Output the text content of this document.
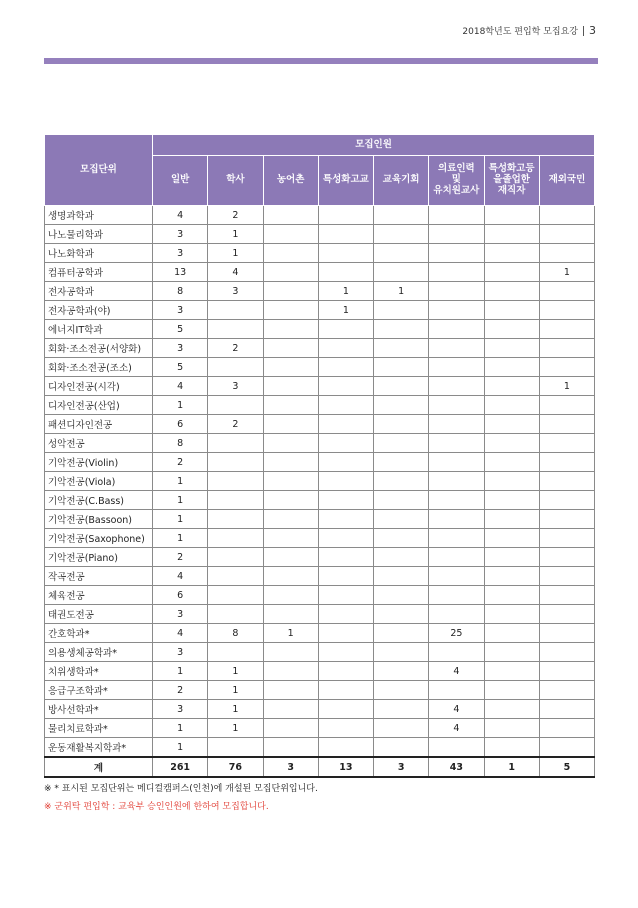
2018학년도 편입학 모집요강 3
모집단위	모집인원							
	일반	학사	농어촌	특성화고교	교육기회	의료인력
및
유치원교사	특성화고등
을졸업한
재직자	재외국민
생명과학과	4	2						
나노물리학과	3	1						
나노화학과	3	1						
컴퓨터공학과	13	4						1
전자공학과	8	3		1	1			
전자공학과(야)	3			1				
에너지IT학과	5							
회화·조소전공(서양화)	3	2						
회화·조소전공(조소)	5							
디자인전공(시각)	4	3						1
디자인전공(산업)	1							
패션디자인전공	6	2						
성악전공	8							
기악전공(Violin)	2							
기악전공(Viola)	1							
기악전공(C.Bass)	1							
기악전공(Bassoon)	1							
기악전공(Saxophone)	1							
기악전공(Piano)	2							
작곡전공	4							
체육전공	6							
태권도전공	3							
간호학과*	4	8	1			25		
의용생체공학과*	3							
치위생학과*	1	1				4		
응급구조학과*	2	1						
방사선학과*	3	1				4		
물리치료학과*	1	1				4		
운동재활복지학과*	1							
계	261	76	3	13	3	43	1	5
※ * 표시된 모집단위는 메디컬캠퍼스(인천)에 개설된 모집단위입니다.
※ 군위탁 편입학 : 교육부 승인인원에 한하여 모집합니다.
